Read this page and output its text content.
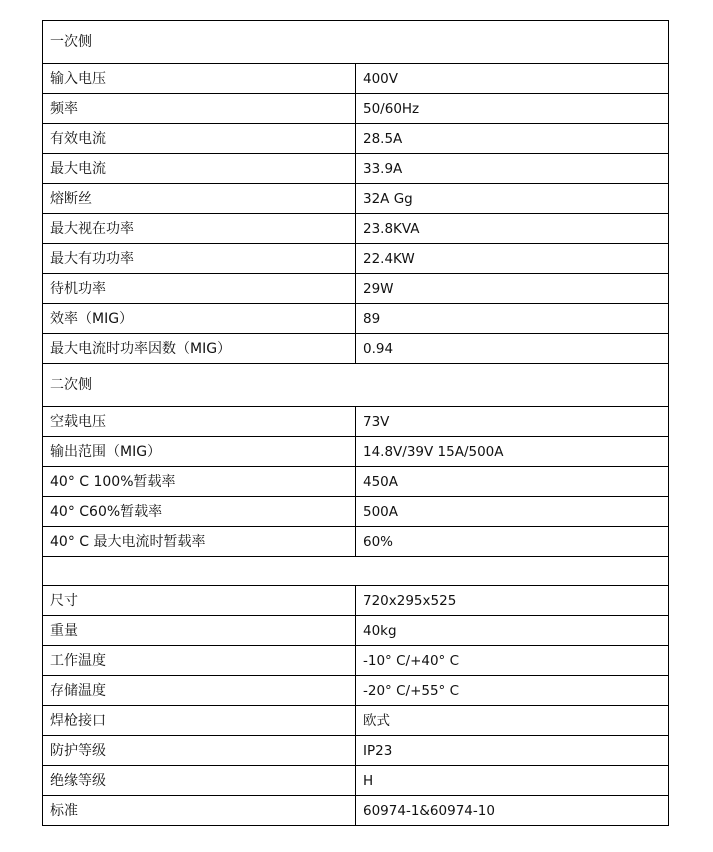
一次侧	
输入电压	400V
频率	50/60Hz
有效电流	28.5A
最大电流	33.9A
熔断丝	32A Gg
最大视在功率	23.8KVA
最大有功功率	22.4KW
待机功率	29W
效率（MIG）	89
最大电流时功率因数（MIG）	0.94
二次侧	
空载电压	73V
输出范围（MIG）	14.8V/39V 15A/500A
40° C 100%暂载率	450A
40° C60%暂载率	500A
40° C 最大电流时暂载率	60%

尺寸	720x295x525
重量	40kg
工作温度	-10° C/+40° C
存储温度	-20° C/+55° C
焊枪接口	欧式
防护等级	IP23
绝缘等级	H
标准	60974-1&60974-10
